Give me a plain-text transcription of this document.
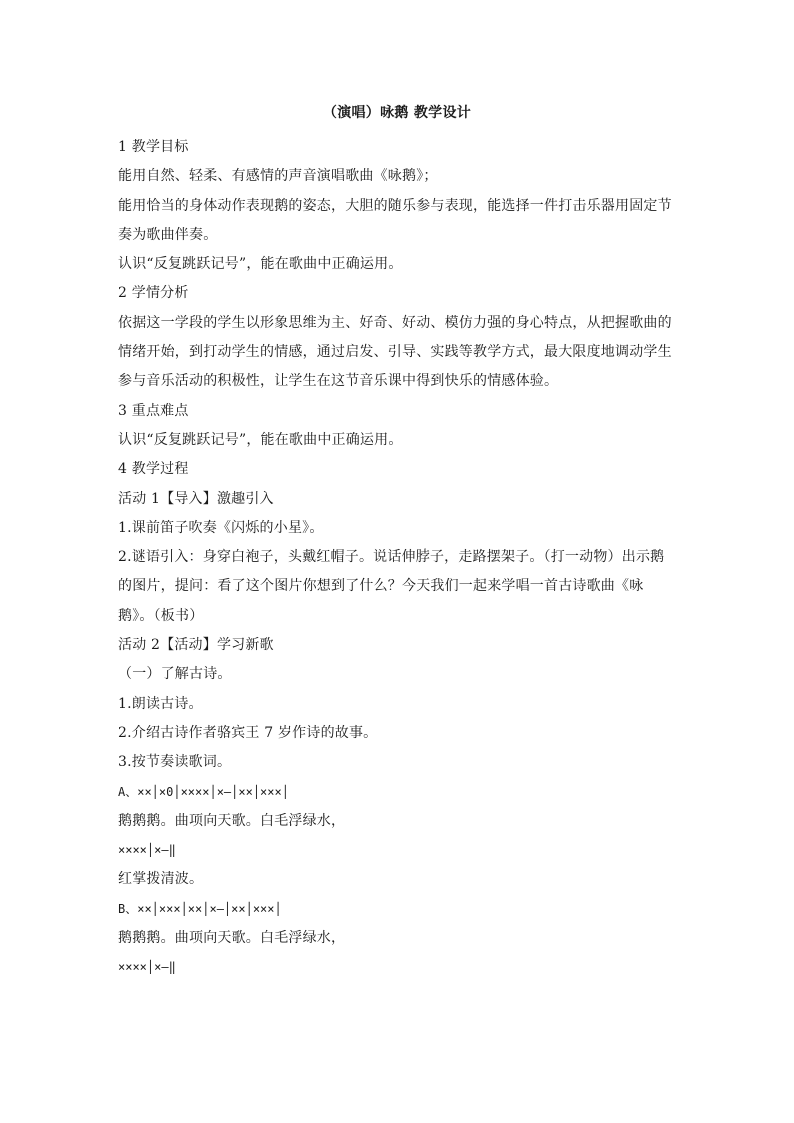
（演唱）咏鹅 教学设计

1 教学目标

能用自然、轻柔、有感情的声音演唱歌曲《咏鹅》；

能用恰当的身体动作表现鹅的姿态，大胆的随乐参与表现，能选择一件打击乐器用固定节奏为歌曲伴奏。

认识“反复跳跃记号”，能在歌曲中正确运用。

2 学情分析

依据这一学段的学生以形象思维为主、好奇、好动、模仿力强的身心特点，从把握歌曲的情绪开始，到打动学生的情感，通过启发、引导、实践等教学方式，最大限度地调动学生参与音乐活动的积极性，让学生在这节音乐课中得到快乐的情感体验。

3 重点难点

认识“反复跳跃记号”，能在歌曲中正确运用。

4 教学过程

活动 1【导入】激趣引入

1.课前笛子吹奏《闪烁的小星》。

2.谜语引入：身穿白袍子，头戴红帽子。说话伸脖子，走路摆架子。（打一动物）出示鹅的图片，提问：看了这个图片你想到了什么？今天我们一起来学唱一首古诗歌曲《咏鹅》。（板书）

活动 2【活动】学习新歌

（一）了解古诗。

1.朗读古诗。

2.介绍古诗作者骆宾王 7 岁作诗的故事。

3.按节奏读歌词。

A、××│×0│××××│×—│××│×××│

鹅鹅鹅。曲项向天歌。白毛浮绿水，

××××│×—‖

红掌拨清波。

B、××│×××│××│×—│××│×××│

鹅鹅鹅。曲项向天歌。白毛浮绿水，

××××│×—‖
